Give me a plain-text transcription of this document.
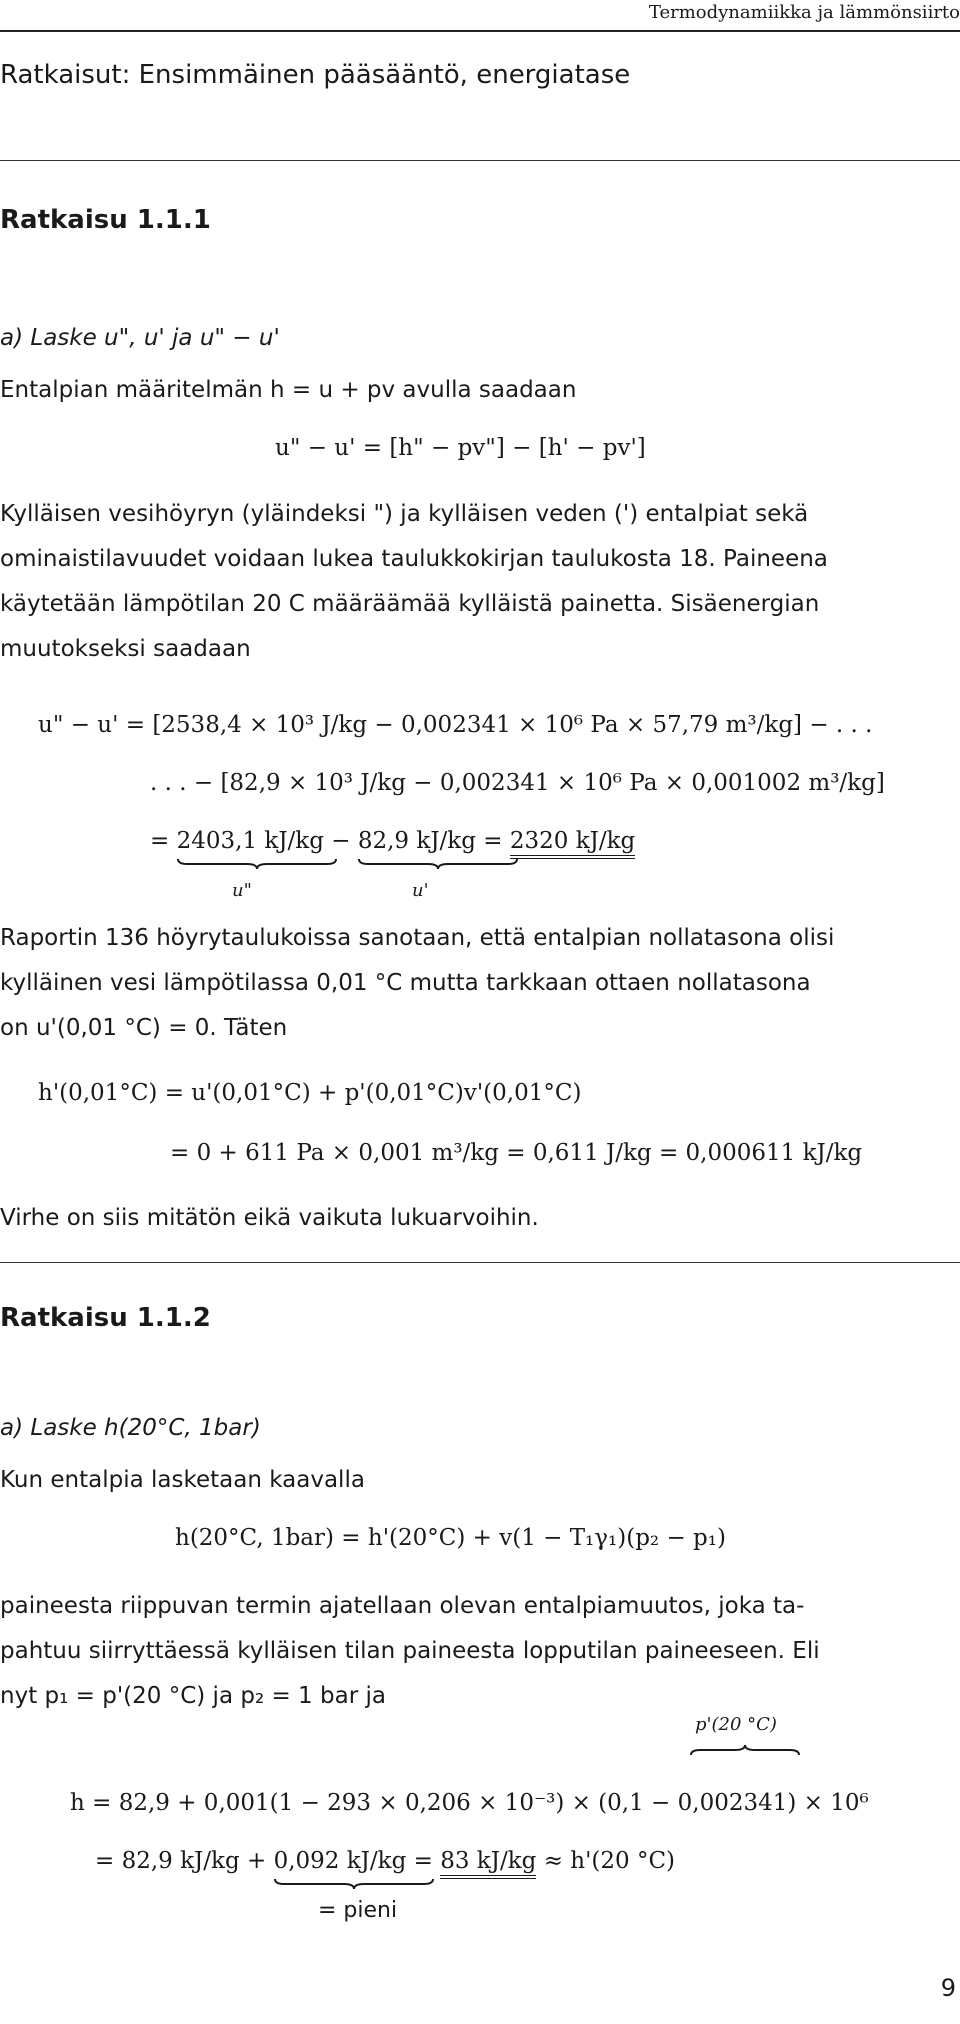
Termodynamiikka ja lämmönsiirto
Ratkaisut: Ensimmäinen pääsääntö, energiatase
Ratkaisu 1.1.1
a) Laske u", u' ja u" − u'
Entalpian määritelmän h = u + pv avulla saadaan
u" − u' = [h" − pv"] − [h' − pv']
Kylläisen vesihöyryn (yläindeksi ") ja kylläisen veden (') entalpiat sekä
ominaistilavuudet voidaan lukea taulukkokirjan taulukosta 18. Paineena
käytetään lämpötilan 20 C määräämää kylläistä painetta. Sisäenergian
muutokseksi saadaan
u" − u' = [2538,4 × 10³ J/kg − 0,002341 × 10⁶ Pa × 57,79 m³/kg] − . . .
. . . − [82,9 × 10³ J/kg − 0,002341 × 10⁶ Pa × 0,001002 m³/kg]
= 2403,1 kJ/kg
− 82,9 kJ/kg
= 2320 kJ/kg
u"	u'
Raportin 136 höyrytaulukoissa sanotaan, että entalpian nollatasona olisi
kylläinen vesi lämpötilassa 0,01 °C mutta tarkkaan ottaen nollatasona
on u'(0,01 °C) = 0. Täten
h'(0,01°C) = u'(0,01°C) + p'(0,01°C)v'(0,01°C)
= 0 + 611 Pa × 0,001 m³/kg = 0,611 J/kg = 0,000611 kJ/kg
Virhe on siis mitätön eikä vaikuta lukuarvoihin.
Ratkaisu 1.1.2
a) Laske h(20°C, 1bar)
Kun entalpia lasketaan kaavalla
h(20°C, 1bar) = h'(20°C) + v(1 − T₁γ₁)(p₂ − p₁)
paineesta riippuvan termin ajatellaan olevan entalpiamuutos, joka ta-
pahtuu siirryttäessä kylläisen tilan paineesta lopputilan paineeseen. Eli
nyt p₁ = p'(20 °C) ja p₂ = 1 bar ja
p'(20 °C)
h = 82,9 + 0,001(1 − 293 × 0,206 × 10⁻³) × (0,1 − 0,002341) × 10⁶
= 82,9 kJ/kg + 0,092 kJ/kg
= 83 kJ/kg ≈ h'(20 °C)
= pieni
9
